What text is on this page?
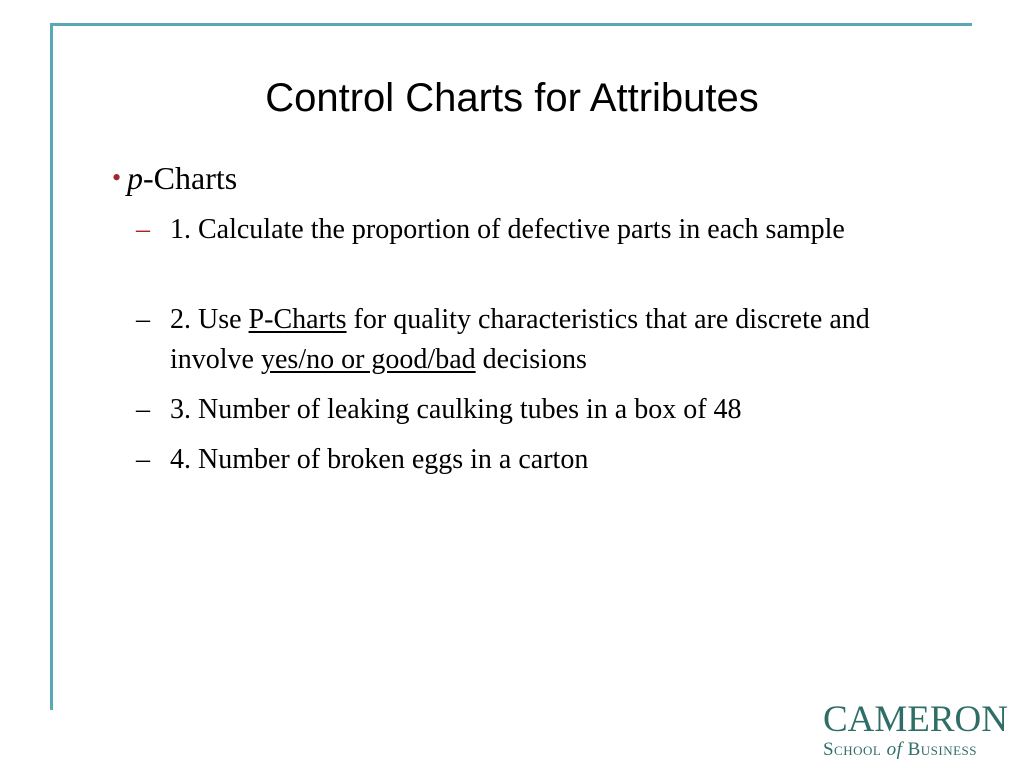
Control Charts for Attributes
• p-Charts
– 1. Calculate the proportion of defective parts in each sample
– 2. Use P-Charts for quality characteristics that are discrete and involve yes/no or good/bad decisions
– 3. Number of leaking caulking tubes in a box of 48
– 4. Number of broken eggs in a carton
CAMERON
School of Business
